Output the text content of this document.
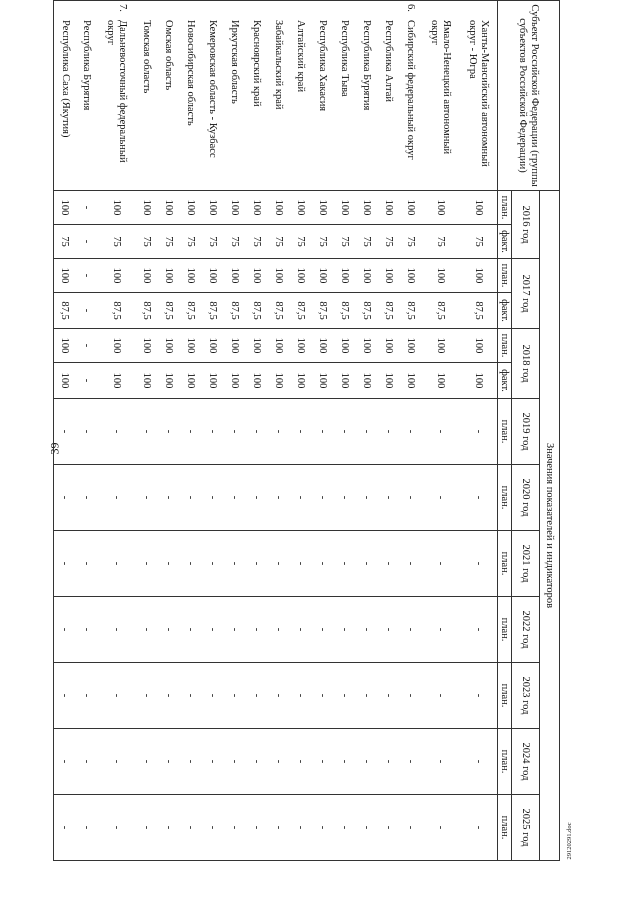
39
29120291.doc
Субъект Российской Федерации (группы субъектов Российской Федерации)	Значения показателей и индикаторов												
	2016 год		2017 год		2018 год		2019 год	2020 год	2021 год	2022 год	2023 год	2024 год	2025 год
	план.	факт.	план.	факт.	план.	факт.	план.	план.	план.	план.	план.	план.	план.
Ханты-Мансийский автономный округ - Югра	100	75	100	87,5	100	100	-	-	-	-	-	-	-
Ямало-Ненецкий автономный округ	100	75	100	87,5	100	100	-	-	-	-	-	-	-
6.Сибирский федеральный округ	100	75	100	87,5	100	100	-	-	-	-	-	-	-
Республика Алтай	100	75	100	87,5	100	100	-	-	-	-	-	-	-
Республика Бурятия	100	75	100	87,5	100	100	-	-	-	-	-	-	-
Республика Тыва	100	75	100	87,5	100	100	-	-	-	-	-	-	-
Республика Хакасия	100	75	100	87,5	100	100	-	-	-	-	-	-	-
Алтайский край	100	75	100	87,5	100	100	-	-	-	-	-	-	-
Забайкальский край	100	75	100	87,5	100	100	-	-	-	-	-	-	-
Красноярский край	100	75	100	87,5	100	100	-	-	-	-	-	-	-
Иркутская область	100	75	100	87,5	100	100	-	-	-	-	-	-	-
Кемеровская область - Кузбасс	100	75	100	87,5	100	100	-	-	-	-	-	-	-
Новосибирская область	100	75	100	87,5	100	100	-	-	-	-	-	-	-
Омская область	100	75	100	87,5	100	100	-	-	-	-	-	-	-
Томская область	100	75	100	87,5	100	100	-	-	-	-	-	-	-
7.Дальневосточный федеральный округ	100	75	100	87,5	100	100	-	-	-	-	-	-	-
Республика Бурятия	-	-	-	-	-	-	-	-	-	-	-	-	-
Республика Саха (Якутия)	100	75	100	87,5	100	100	-	-	-	-	-	-	-
